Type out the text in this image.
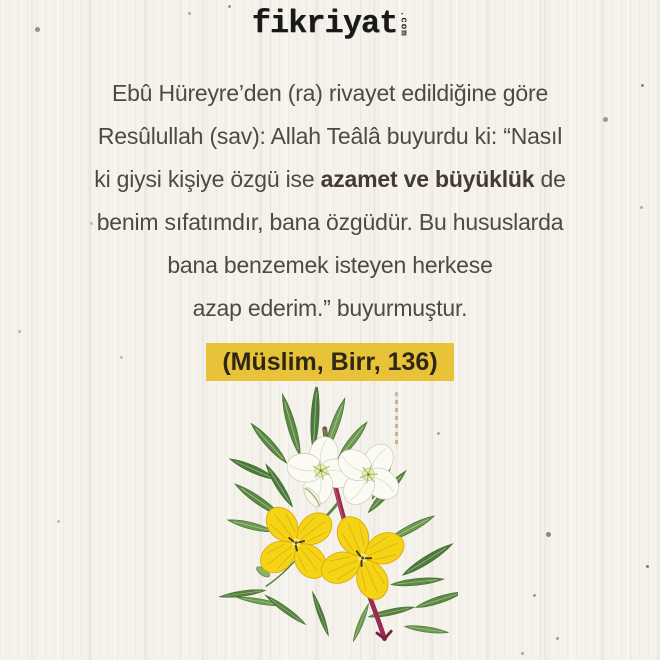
fikriyat .com
Ebû Hüreyre’den (ra) rivayet edildiğine göre
Resûlullah (sav): Allah Teâlâ buyurdu ki: “Nasıl
ki giysi kişiye özgü ise azamet ve büyüklük de
benim sıfatımdır, bana özgüdür. Bu hususlarda
bana benzemek isteyen herkese
azap ederim.” buyurmuştur.
(Müslim, Birr, 136)
